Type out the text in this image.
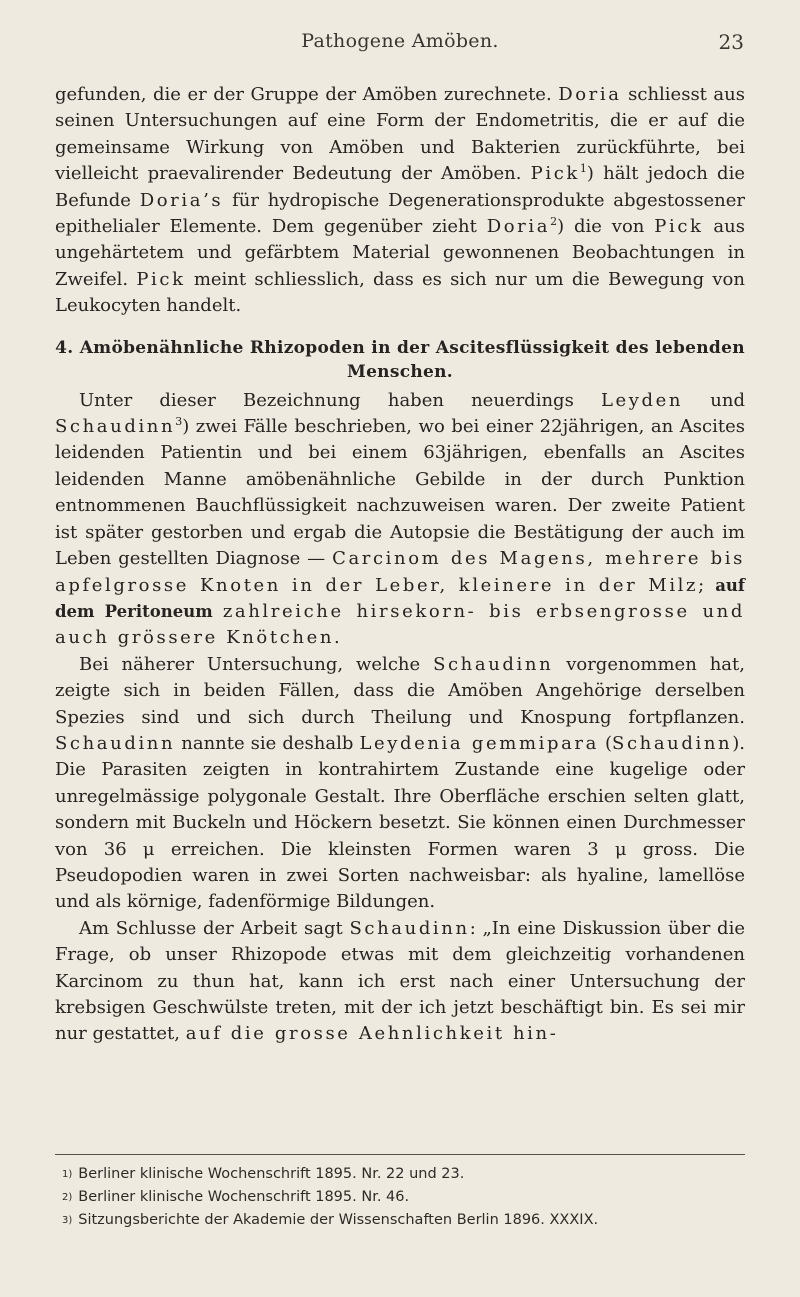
Pathogene Amöben.	23

gefunden, die er der Gruppe der Amöben zurechnete. Doria schliesst aus seinen Untersuchungen auf eine Form der Endometritis, die er auf die gemeinsame Wirkung von Amöben und Bakterien zurückführte, bei vielleicht praevalirender Bedeutung der Amöben. Pick$^1$) hält jedoch die Befunde Doria’s für hydropische Degenerationsprodukte abgestossener epithelialer Elemente. Dem gegenüber zieht Doria$^2$) die von Pick aus ungehärtetem und gefärbtem Material gewonnenen Beobachtungen in Zweifel. Pick meint schliesslich, dass es sich nur um die Bewegung von Leukocyten handelt.

4. Amöbenähnliche Rhizopoden in der Ascitesflüssigkeit des lebenden Menschen.

Unter dieser Bezeichnung haben neuerdings Leyden und Schaudinn$^3$) zwei Fälle beschrieben, wo bei einer 22jährigen, an Ascites leidenden Patientin und bei einem 63jährigen, ebenfalls an Ascites leidenden Manne amöbenähnliche Gebilde in der durch Punktion entnommenen Bauchflüssigkeit nachzuweisen waren. Der zweite Patient ist später gestorben und ergab die Autopsie die Bestätigung der auch im Leben gestellten Diagnose — Carcinom des Magens, mehrere bis apfelgrosse Knoten in der Leber, kleinere in der Milz; auf dem Peritoneum zahlreiche hirsekorn- bis erbsengrosse und auch grössere Knötchen.

Bei näherer Untersuchung, welche Schaudinn vorgenommen hat, zeigte sich in beiden Fällen, dass die Amöben Angehörige derselben Spezies sind und sich durch Theilung und Knospung fortpflanzen. Schaudinn nannte sie deshalb Leydenia gemmipara (Schaudinn). Die Parasiten zeigten in kontrahirtem Zustande eine kugelige oder unregelmässige polygonale Gestalt. Ihre Oberfläche erschien selten glatt, sondern mit Buckeln und Höckern besetzt. Sie können einen Durchmesser von 36 μ erreichen. Die kleinsten Formen waren 3 μ gross. Die Pseudopodien waren in zwei Sorten nachweisbar: als hyaline, lamellöse und als körnige, fadenförmige Bildungen.

Am Schlusse der Arbeit sagt Schaudinn: „In eine Diskussion über die Frage, ob unser Rhizopode etwas mit dem gleichzeitig vorhandenen Karcinom zu thun hat, kann ich erst nach einer Untersuchung der krebsigen Geschwülste treten, mit der ich jetzt beschäftigt bin. Es sei mir nur gestattet, auf die grosse Aehnlichkeit hin-

$^{1)}$ Berliner klinische Wochenschrift 1895. Nr. 22 und 23.
$^{2)}$ Berliner klinische Wochenschrift 1895. Nr. 46.
$^{3)}$ Sitzungsberichte der Akademie der Wissenschaften Berlin 1896. XXXIX.
